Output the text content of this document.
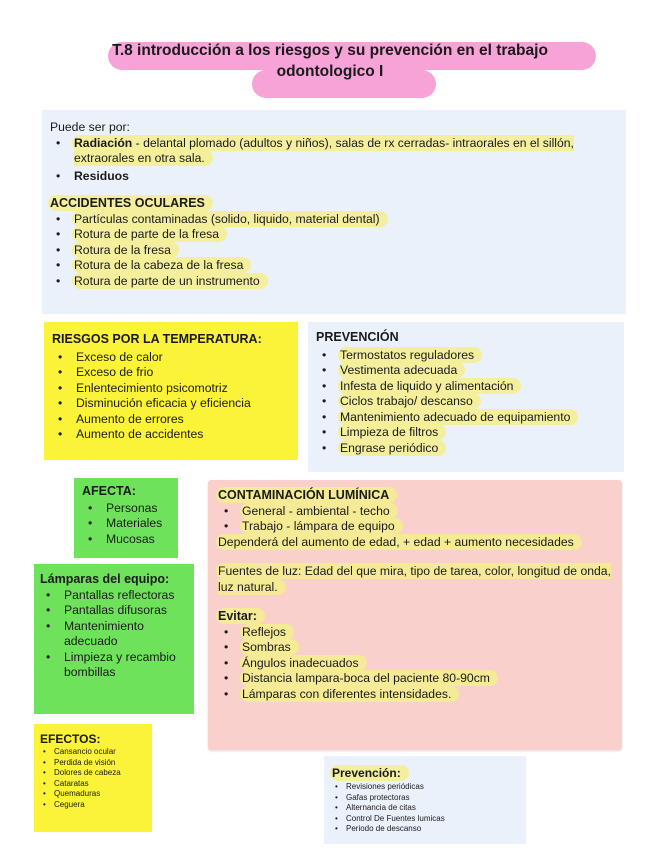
T.8 introducción a los riesgos y su prevención en el trabajo
odontologico I

Puede ser por:

• Radiación - delantal plomado (adultos y niños), salas de rx cerradas- intraorales en el sillón, extraorales en otra sala.
• Residuos

ACCIDENTES OCULARES

• Partículas contaminadas (solido, liquido, material dental)
• Rotura de parte de la fresa
• Rotura de la fresa
• Rotura de la cabeza de la fresa
• Rotura de parte de un instrumento

RIESGOS POR LA TEMPERATURA:

• Exceso de calor
• Exceso de frio
• Enlentecimiento psicomotriz
• Disminución eficacia y eficiencia
• Aumento de errores
• Aumento de accidentes

PREVENCIÓN

• Termostatos reguladores
• Vestimenta adecuada
• Infesta de liquido y alimentación
• Ciclos trabajo/ descanso
• Mantenimiento adecuado de equipamiento
• Limpieza de filtros
• Engrase periódico

AFECTA:

• Personas
• Materiales
• Mucosas

Lámparas del equipo:

• Pantallas reflectoras
• Pantallas difusoras
• Mantenimiento adecuado
• Limpieza y recambio bombillas

EFECTOS:

• Cansancio ocular
• Perdida de visión
• Dolores de cabeza
• Cataratas
• Quemaduras
• Ceguera

CONTAMINACIÓN LUMÍNICA

• General - ambiental - techo
• Trabajo - lámpara de equipo

Dependerá del aumento de edad, + edad + aumento necesidades

Fuentes de luz: Edad del que mira, tipo de tarea, color, longitud de onda, luz natural.

Evitar:

• Reflejos
• Sombras
• Ángulos inadecuados
• Distancia lampara-boca del paciente 80-90cm
• Lámparas con diferentes intensidades.

Prevención:

• Revisiones periódicas
• Gafas protectoras
• Alternancia de citas
• Control De Fuentes lumicas
• Periodo de descanso
